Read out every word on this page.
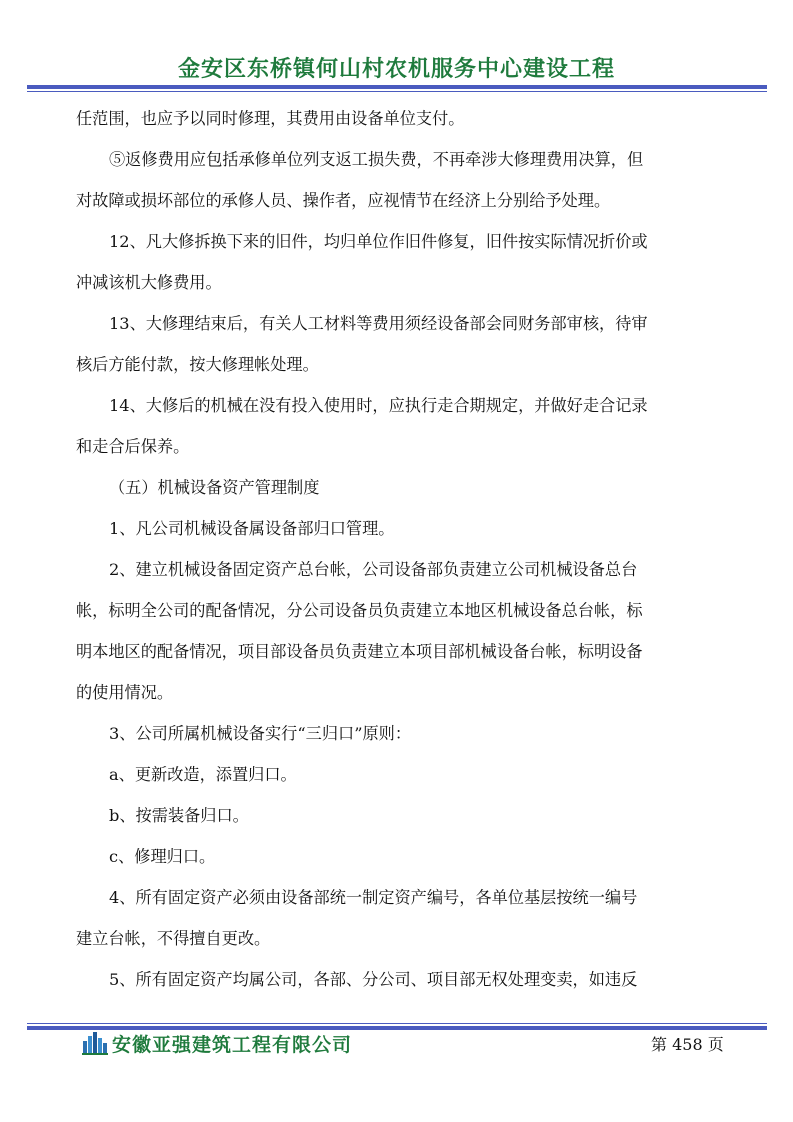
金安区东桥镇何山村农机服务中心建设工程

任范围，也应予以同时修理，其费用由设备单位支付。

⑤返修费用应包括承修单位列支返工损失费，不再牵涉大修理费用决算，但

对故障或损坏部位的承修人员、操作者，应视情节在经济上分别给予处理。

12、凡大修拆换下来的旧件，均归单位作旧件修复，旧件按实际情况折价或

冲减该机大修费用。

13、大修理结束后，有关人工材料等费用须经设备部会同财务部审核，待审

核后方能付款，按大修理帐处理。

14、大修后的机械在没有投入使用时，应执行走合期规定，并做好走合记录

和走合后保养。

（五）机械设备资产管理制度

1、凡公司机械设备属设备部归口管理。

2、建立机械设备固定资产总台帐，公司设备部负责建立公司机械设备总台

帐，标明全公司的配备情况，分公司设备员负责建立本地区机械设备总台帐，标

明本地区的配备情况，项目部设备员负责建立本项目部机械设备台帐，标明设备

的使用情况。

3、公司所属机械设备实行“三归口”原则：

a、更新改造，添置归口。

b、按需装备归口。

c、修理归口。

4、所有固定资产必须由设备部统一制定资产编号，各单位基层按统一编号

建立台帐，不得擅自更改。

5、所有固定资产均属公司，各部、分公司、项目部无权处理变卖，如违反

安徽亚强建筑工程有限公司	第 458 页
